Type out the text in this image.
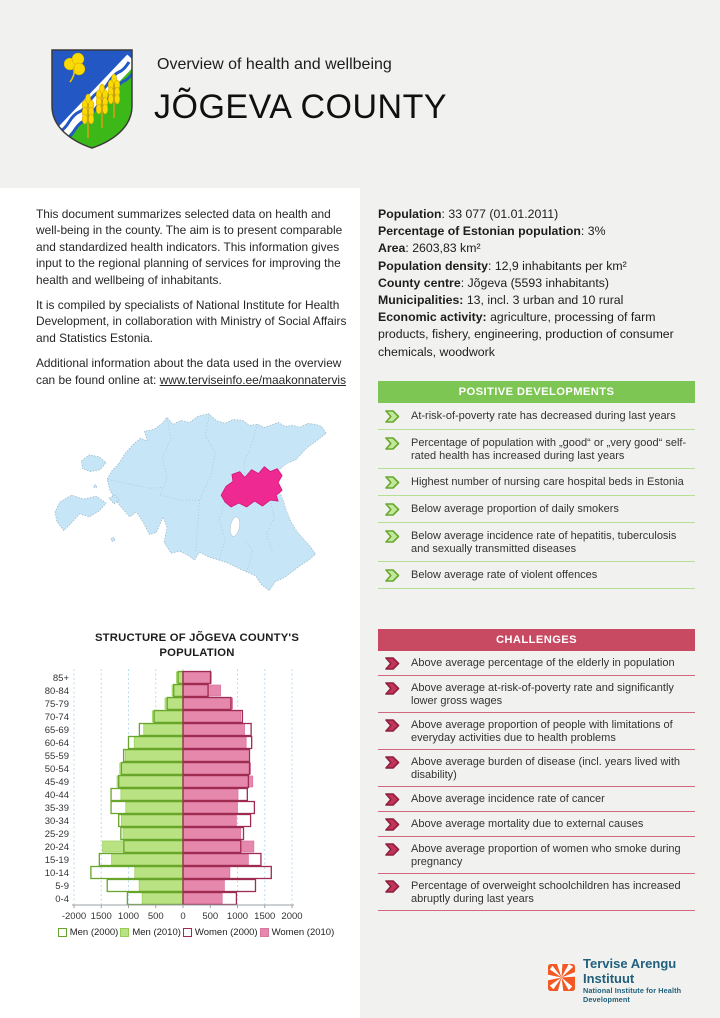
Overview of health and wellbeing
JÕGEVA COUNTY

This document summarizes selected data on health and well-being in the county. The aim is to present comparable and standardized health indicators. This information gives input to the regional planning of services for improving the health and wellbeing of inhabitants.

It is compiled by specialists of National Institute for Health Development, in collaboration with Ministry of Social Affairs and Statistics Estonia.

Additional information about the data used in the overview can be found online at: www.terviseinfo.ee/maakonnatervis

Population: 33 077 (01.01.2011)
Percentage of Estonian population: 3%
Area: 2603,83 km²
Population density: 12,9 inhabitants per km²
County centre: Jõgeva (5593 inhabitants)
Municipalities: 13, incl. 3 urban and 10 rural
Economic activity: agriculture, processing of farm products, fishery, engineering, production of consumer chemicals, woodwork
POSITIVE DEVELOPMENTS
At-risk-of-poverty rate has decreased during last years
Percentage of population with „good“ or „very good“ self-rated health has increased during last years
Highest number of nursing care hospital beds in Estonia
Below average proportion of daily smokers
Below average incidence rate of hepatitis, tuberculosis and sexually transmitted diseases
Below average rate of violent offences
CHALLENGES
Above average percentage of the elderly in population
Above average at-risk-of-poverty rate and significantly lower gross wages
Above average proportion of people with limitations of everyday activities due to health problems
Above average burden of disease (incl. years lived with disability)
Above average incidence rate of cancer
Above average mortality due to external causes
Above average proportion of women who smoke during pregnancy
Percentage of overweight schoolchildren has increased abruptly during last years
STRUCTURE OF JÕGEVA COUNTY'S POPULATION
85+
80-84
75-79
70-74
65-69
60-64
55-59
50-54
45-49
40-44
35-39
30-34
25-29
20-24
15-19
10-14
5-9
0-4
-2000 1500 1000 500 0 500 1000 1500 2000
Men (2000) Men (2010) Women (2000) Women (2010)
Tervise Arengu Instituut
National Institute for Health Development
